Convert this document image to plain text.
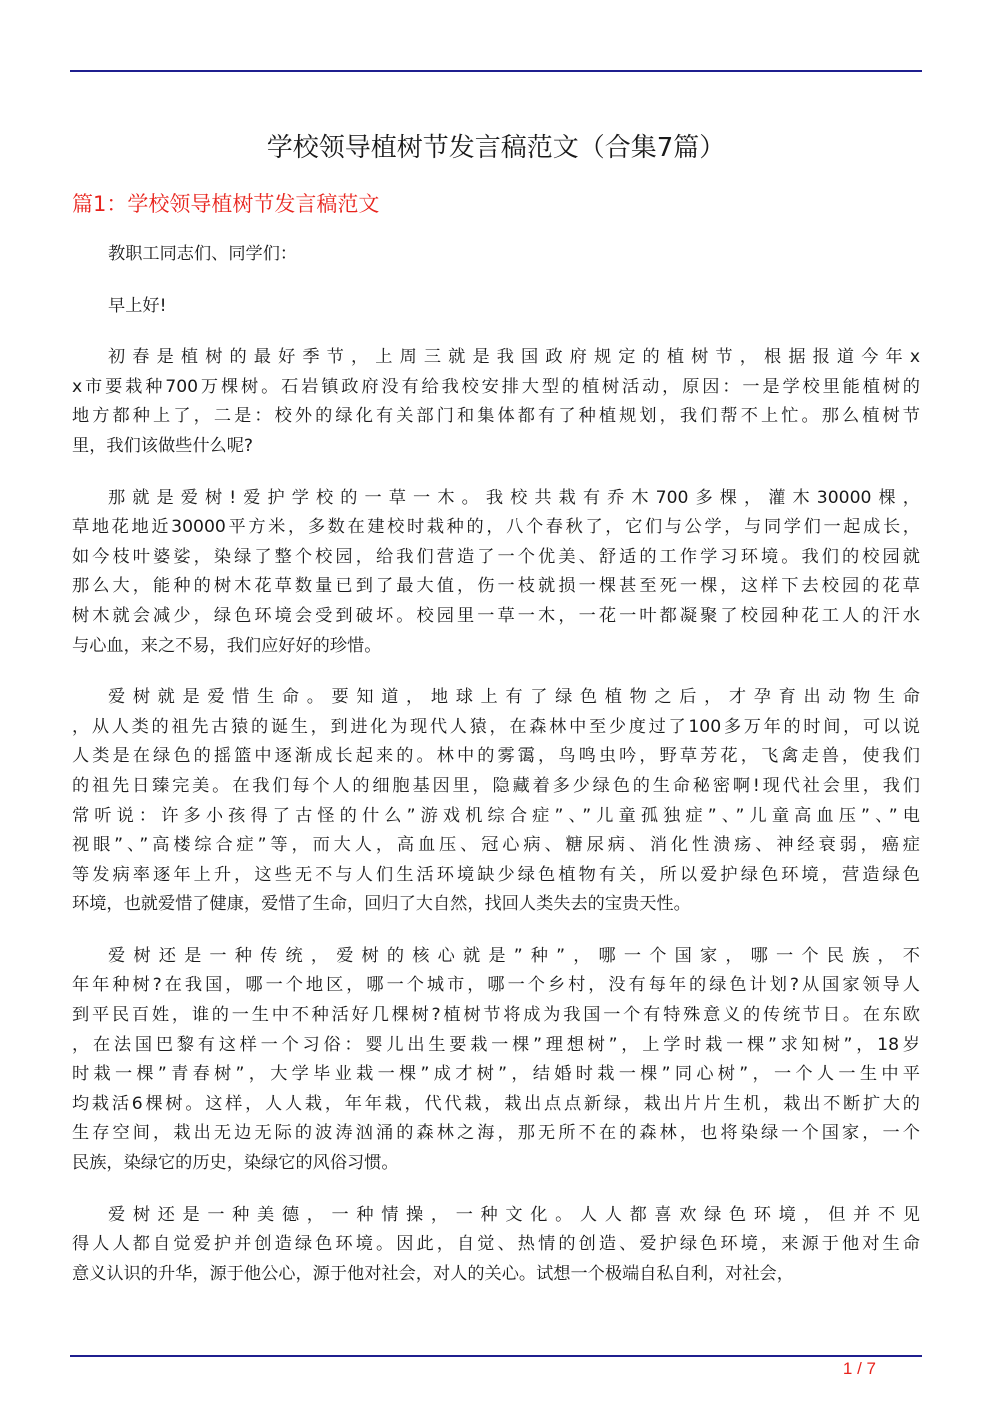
学校领导植树节发言稿范文（合集7篇）
篇1：学校领导植树节发言稿范文

教职工同志们、同学们：

早上好!

初春是植树的最好季节，上周三就是我国政府规定的植树节，根据报道今年x
x市要栽种700万棵树。石岩镇政府没有给我校安排大型的植树活动，原因：一是学校里能植树的
地方都种上了，二是：校外的绿化有关部门和集体都有了种植规划，我们帮不上忙。那么植树节
里，我们该做些什么呢?

那就是爱树!爱护学校的一草一木。我校共栽有乔木700多棵，灌木30000棵，
草地花地近30000平方米，多数在建校时栽种的，八个春秋了，它们与公学，与同学们一起成长，
如今枝叶婆娑，染绿了整个校园，给我们营造了一个优美、舒适的工作学习环境。我们的校园就
那么大，能种的树木花草数量已到了最大值，伤一枝就损一棵甚至死一棵，这样下去校园的花草
树木就会减少，绿色环境会受到破坏。校园里一草一木，一花一叶都凝聚了校园种花工人的汗水
与心血，来之不易，我们应好好的珍惜。

爱树就是爱惜生命。要知道，地球上有了绿色植物之后，才孕育出动物生命
，从人类的祖先古猿的诞生，到进化为现代人猿，在森林中至少度过了100多万年的时间，可以说
人类是在绿色的摇篮中逐渐成长起来的。林中的雾霭，鸟鸣虫吟，野草芳花，飞禽走兽，使我们
的祖先日臻完美。在我们每个人的细胞基因里，隐藏着多少绿色的生命秘密啊!现代社会里，我们
常听说：许多小孩得了古怪的什么”游戏机综合症”、”儿童孤独症”、”儿童高血压”、”电
视眼”、”高楼综合症”等，而大人，高血压、冠心病、糖尿病、消化性溃疡、神经衰弱，癌症
等发病率逐年上升，这些无不与人们生活环境缺少绿色植物有关，所以爱护绿色环境，营造绿色
环境，也就爱惜了健康，爱惜了生命，回归了大自然，找回人类失去的宝贵天性。

爱树还是一种传统，爱树的核心就是”种”，哪一个国家，哪一个民族，不
年年种树?在我国，哪一个地区，哪一个城市，哪一个乡村，没有每年的绿色计划?从国家领导人
到平民百姓，谁的一生中不种活好几棵树?植树节将成为我国一个有特殊意义的传统节日。在东欧
，在法国巴黎有这样一个习俗：婴儿出生要栽一棵”理想树”，上学时栽一棵”求知树”，18岁
时栽一棵”青春树”，大学毕业栽一棵”成才树”，结婚时栽一棵”同心树”，一个人一生中平
均栽活6棵树。这样，人人栽，年年栽，代代栽，栽出点点新绿，栽出片片生机，栽出不断扩大的
生存空间，栽出无边无际的波涛汹涌的森林之海，那无所不在的森林，也将染绿一个国家，一个
民族，染绿它的历史，染绿它的风俗习惯。

爱树还是一种美德，一种情操，一种文化。人人都喜欢绿色环境，但并不见
得人人都自觉爱护并创造绿色环境。因此，自觉、热情的创造、爱护绿色环境，来源于他对生命
意义认识的升华，源于他公心，源于他对社会，对人的关心。试想一个极端自私自利，对社会，

1 / 7
